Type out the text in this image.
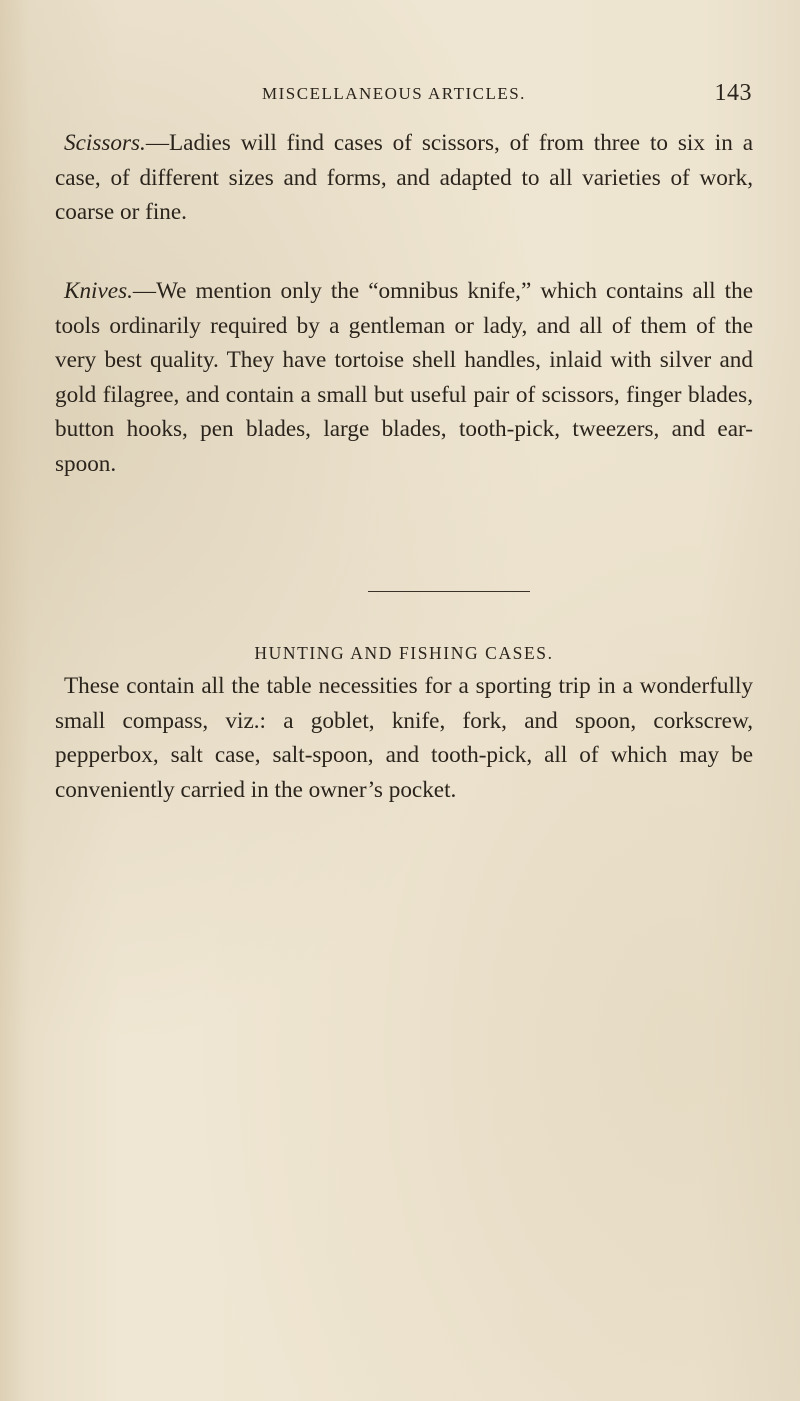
MISCELLANEOUS ARTICLES.	143

Scissors.—Ladies will find cases of scissors, of from three to six in a case, of different sizes and forms, and adapted to all varieties of work, coarse or fine.

Knives.—We mention only the “omnibus knife,” which contains all the tools ordinarily required by a gentleman or lady, and all of them of the very best quality. They have tortoise shell handles, inlaid with silver and gold filagree, and contain a small but useful pair of scissors, finger blades, button hooks, pen blades, large blades, tooth-pick, tweezers, and ear-spoon.

HUNTING AND FISHING CASES.

These contain all the table necessities for a sporting trip in a wonderfully small compass, viz.: a goblet, knife, fork, and spoon, corkscrew, pepperbox, salt case, salt-spoon, and tooth-pick, all of which may be conveniently carried in the owner’s pocket.
